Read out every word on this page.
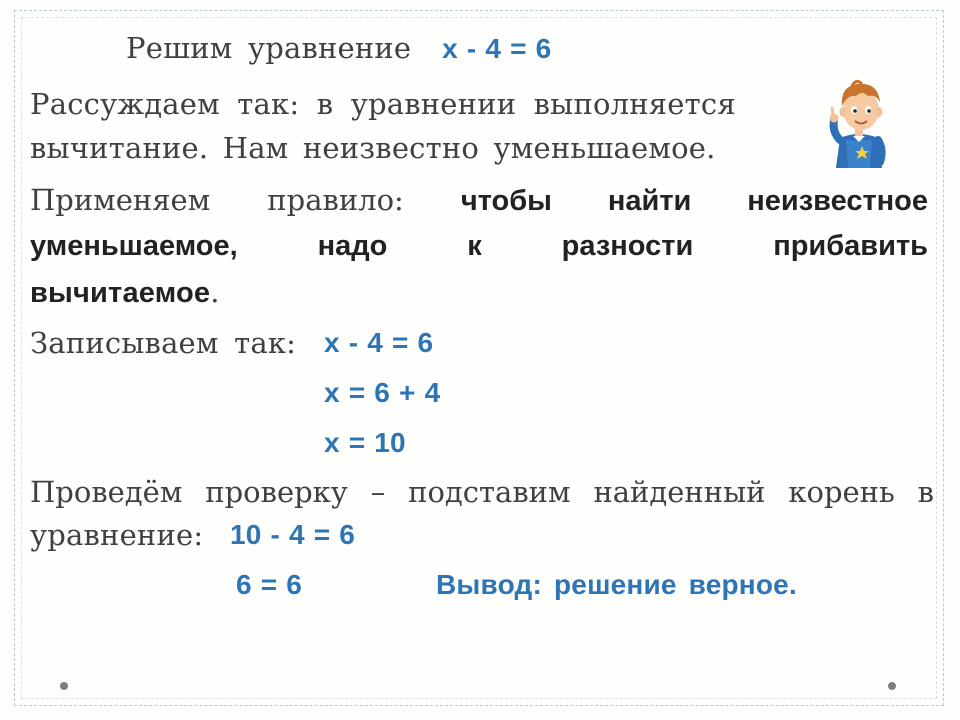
Решим уравнение х - 4 = 6
Рассуждаем так: в уравнении выполняется
вычитание. Нам неизвестно уменьшаемое.
Применяем правило: чтобы найти неизвестное
уменьшаемое, надо к разности прибавить
вычитаемое.
Записываем так: х - 4 = 6
х = 6 + 4
х = 10
Проведём проверку – подставим найденный корень в
уравнение: 10 - 4 = 6
6 = 6	Вывод: решение верное.
